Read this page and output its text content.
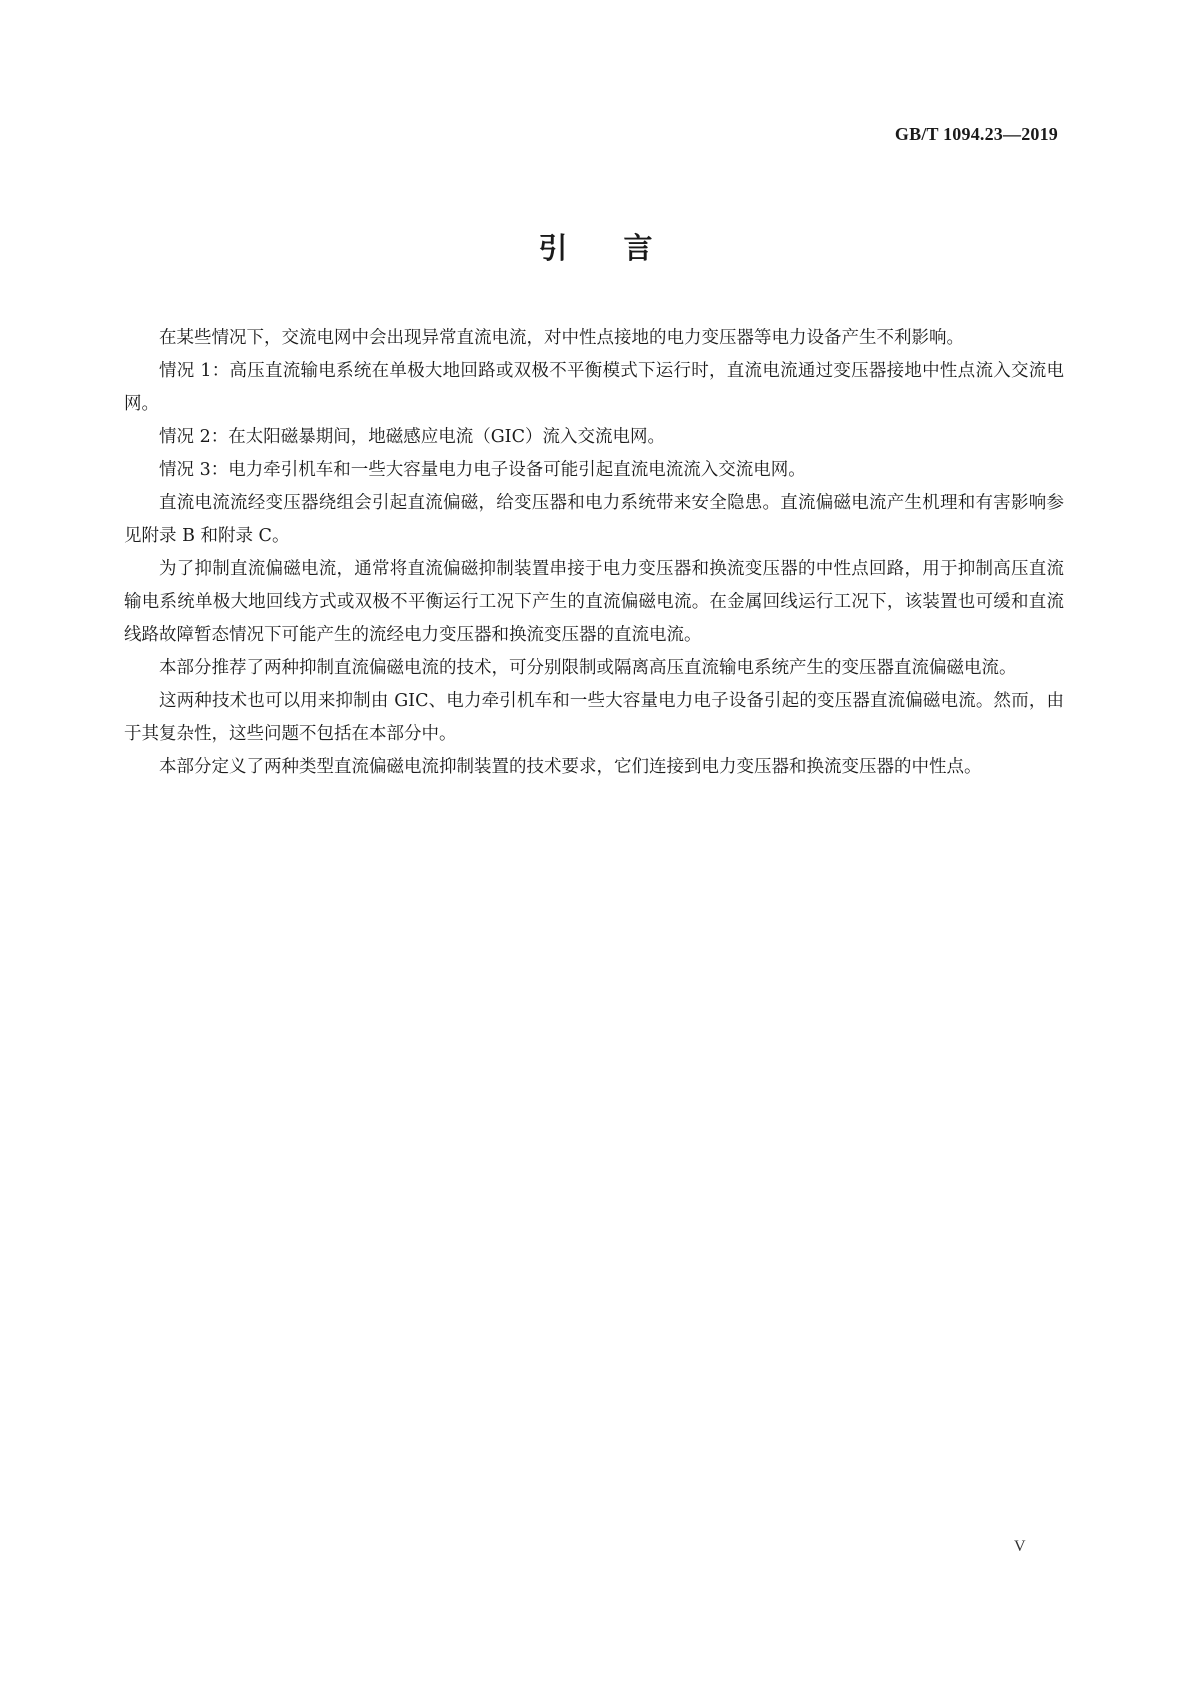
GB/T 1094.23—2019
引言

在某些情况下，交流电网中会出现异常直流电流，对中性点接地的电力变压器等电力设备产生不利影响。

情况 1：高压直流输电系统在单极大地回路或双极不平衡模式下运行时，直流电流通过变压器接地中性点流入交流电网。

情况 2：在太阳磁暴期间，地磁感应电流（GIC）流入交流电网。

情况 3：电力牵引机车和一些大容量电力电子设备可能引起直流电流流入交流电网。

直流电流流经变压器绕组会引起直流偏磁，给变压器和电力系统带来安全隐患。直流偏磁电流产生机理和有害影响参见附录 B 和附录 C。

为了抑制直流偏磁电流，通常将直流偏磁抑制装置串接于电力变压器和换流变压器的中性点回路，用于抑制高压直流输电系统单极大地回线方式或双极不平衡运行工况下产生的直流偏磁电流。在金属回线运行工况下，该装置也可缓和直流线路故障暂态情况下可能产生的流经电力变压器和换流变压器的直流电流。

本部分推荐了两种抑制直流偏磁电流的技术，可分别限制或隔离高压直流输电系统产生的变压器直流偏磁电流。

这两种技术也可以用来抑制由 GIC、电力牵引机车和一些大容量电力电子设备引起的变压器直流偏磁电流。然而，由于其复杂性，这些问题不包括在本部分中。

本部分定义了两种类型直流偏磁电流抑制装置的技术要求，它们连接到电力变压器和换流变压器的中性点。

V
